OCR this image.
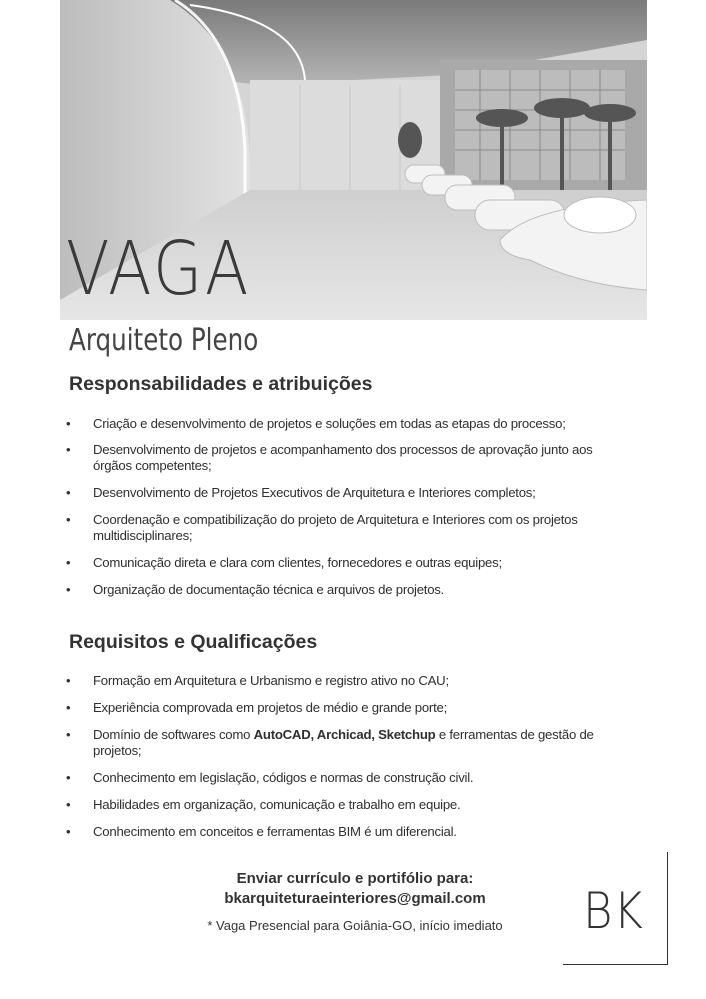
VAGA
Arquiteto Pleno
Responsabilidades e atribuições
• Criação e desenvolvimento de projetos e soluções em todas as etapas do processo;
• Desenvolvimento de projetos e acompanhamento dos processos de aprovação junto aos órgãos competentes;
• Desenvolvimento de Projetos Executivos de Arquitetura e Interiores completos;
• Coordenação e compatibilização do projeto de Arquitetura e Interiores com os projetos multidisciplinares;
• Comunicação direta e clara com clientes, fornecedores e outras equipes;
• Organização de documentação técnica e arquivos de projetos.
Requisitos e Qualificações
• Formação em Arquitetura e Urbanismo e registro ativo no CAU;
• Experiência comprovada em projetos de médio e grande porte;
• Domínio de softwares como AutoCAD, Archicad, Sketchup e ferramentas de gestão de projetos;
• Conhecimento em legislação, códigos e normas de construção civil.
• Habilidades em organização, comunicação e trabalho em equipe.
• Conhecimento em conceitos e ferramentas BIM é um diferencial.
Enviar currículo e portifólio para:
bkarquiteturaeinteriores@gmail.com
* Vaga Presencial para Goiânia-GO, início imediato	BK
